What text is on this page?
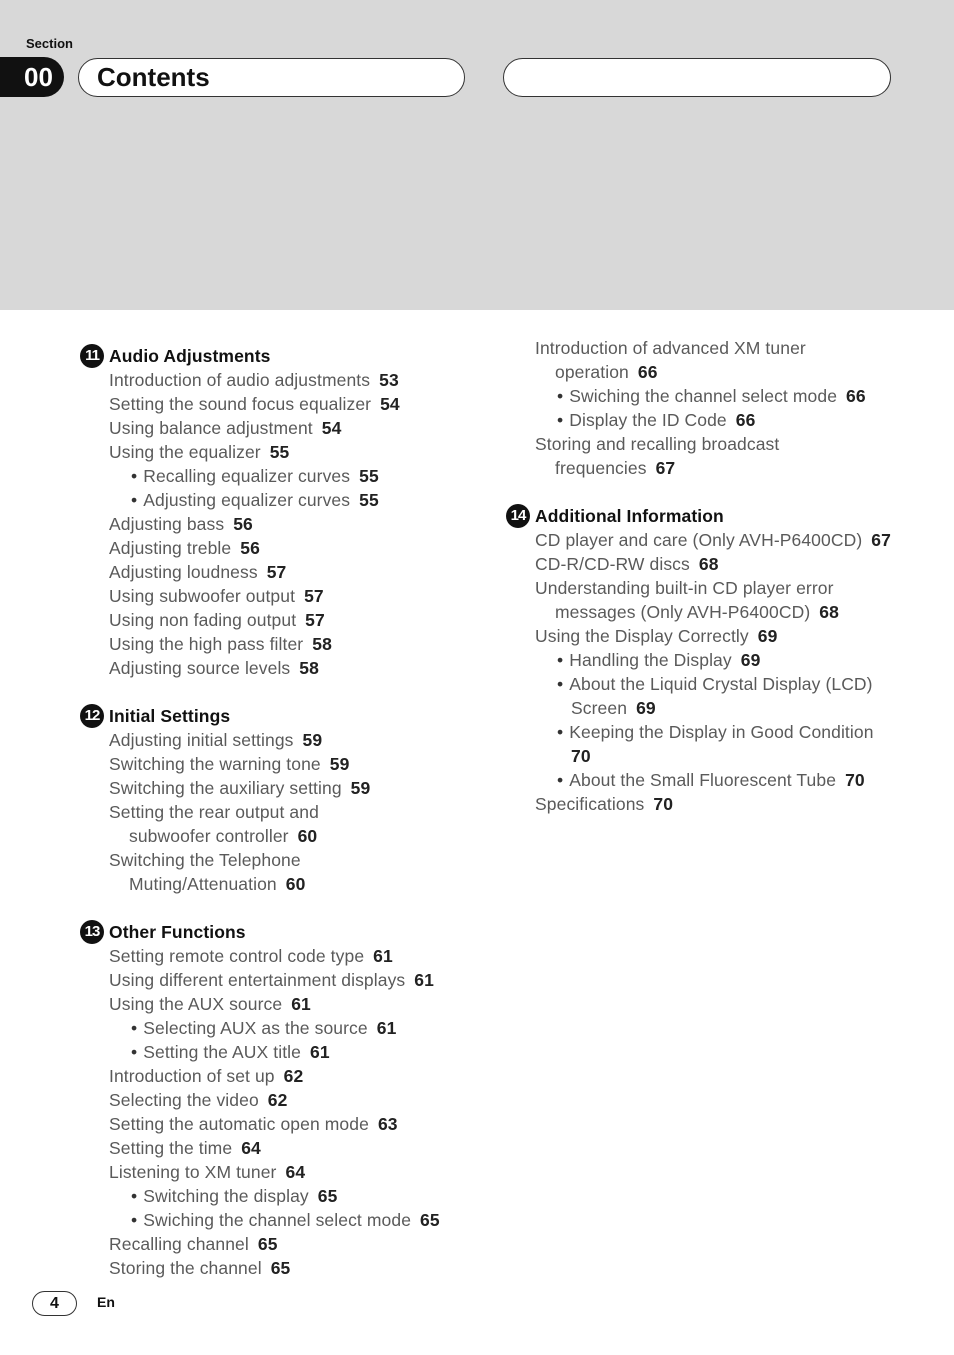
Section
00	Contents
11 Audio Adjustments
Introduction of audio adjustments 53
Setting the sound focus equalizer 54
Using balance adjustment 54
Using the equalizer 55
• Recalling equalizer curves 55
• Adjusting equalizer curves 55
Adjusting bass 56
Adjusting treble 56
Adjusting loudness 57
Using subwoofer output 57
Using non fading output 57
Using the high pass filter 58
Adjusting source levels 58
12 Initial Settings
Adjusting initial settings 59
Switching the warning tone 59
Switching the auxiliary setting 59
Setting the rear output and
subwoofer controller 60
Switching the Telephone
Muting/Attenuation 60
13 Other Functions
Setting remote control code type 61
Using different entertainment displays 61
Using the AUX source 61
• Selecting AUX as the source 61
• Setting the AUX title 61
Introduction of set up 62
Selecting the video 62
Setting the automatic open mode 63
Setting the time 64
Listening to XM tuner 64
• Switching the display 65
• Swiching the channel select mode 65
Recalling channel 65
Storing the channel 65
Introduction of advanced XM tuner
operation 66
• Swiching the channel select mode 66
• Display the ID Code 66
Storing and recalling broadcast
frequencies 67
14 Additional Information
CD player and care (Only AVH-P6400CD) 67
CD-R/CD-RW discs 68
Understanding built-in CD player error
messages (Only AVH-P6400CD) 68
Using the Display Correctly 69
• Handling the Display 69
• About the Liquid Crystal Display (LCD)
Screen 69
• Keeping the Display in Good Condition
70
• About the Small Fluorescent Tube 70
Specifications 70
4	En
